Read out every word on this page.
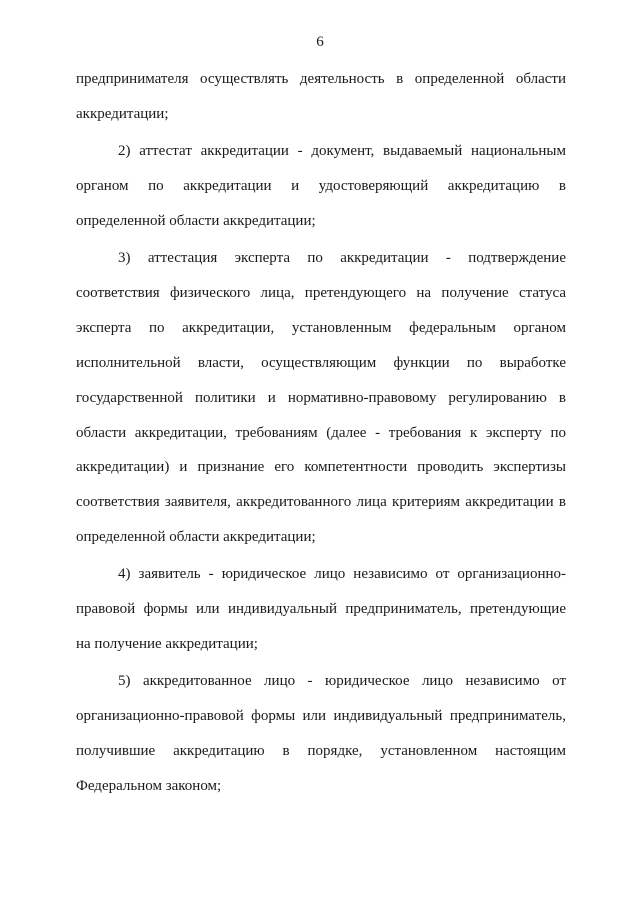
6
предпринимателя осуществлять деятельность в определенной области
аккредитации;
2) аттестат аккредитации - документ, выдаваемый национальным
органом по аккредитации и удостоверяющий аккредитацию в
определенной области аккредитации;
3) аттестация эксперта по аккредитации - подтверждение
соответствия физического лица, претендующего на получение статуса
эксперта по аккредитации, установленным федеральным органом
исполнительной власти, осуществляющим функции по выработке
государственной политики и нормативно-правовому регулированию в
области аккредитации, требованиям (далее - требования к эксперту по
аккредитации) и признание его компетентности проводить экспертизы
соответствия заявителя, аккредитованного лица критериям аккредитации в
определенной области аккредитации;
4) заявитель - юридическое лицо независимо от организационно-
правовой формы или индивидуальный предприниматель, претендующие
на получение аккредитации;
5) аккредитованное лицо - юридическое лицо независимо от
организационно-правовой формы или индивидуальный предприниматель,
получившие аккредитацию в порядке, установленном настоящим
Федеральном законом;
